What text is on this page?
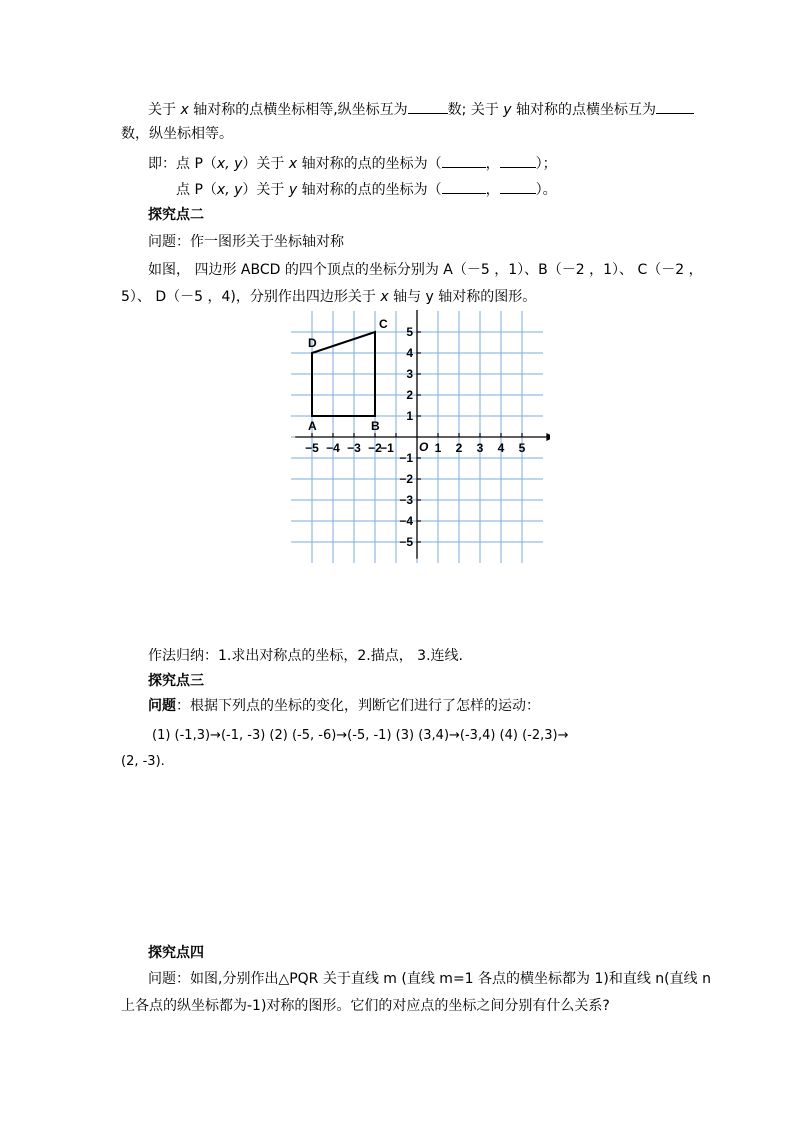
关于 x 轴对称的点横坐标相等,纵坐标互为	数; 关于 y 轴对称的点横坐标互为
数，纵坐标相等。
即：点 P（x, y）关于 x 轴对称的点的坐标为（	，	）；
点 P（x, y）关于 y 轴对称的点的坐标为（	，	）。
探究点二
问题：作一图形关于坐标轴对称
如图， 四边形 ABCD 的四个顶点的坐标分别为 A（－5 ，1）、B（－2 ，1）、 C（－2 ，
5）、 D（－5 ，4)，分别作出四边形关于 x 轴与 y 轴对称的图形。
O
−5 −4 −3 −2
−1	1 2 3 4 5
5
4
3
2
1
−1
−2
−3
−4
−5
A	B
C
D
作法归纳：1.求出对称点的坐标，2.描点， 3.连线.
探究点三
问题：根据下列点的坐标的变化，判断它们进行了怎样的运动：
(1) (-1,3)→(-1, -3) (2) (-5, -6)→(-5, -1) (3) (3,4)→(-3,4) (4) (-2,3)→
(2, -3).
探究点四
问题：如图,分别作出△PQR 关于直线 m (直线 m=1 各点的横坐标都为 1)和直线 n(直线 n
上各点的纵坐标都为-1)对称的图形。它们的对应点的坐标之间分别有什么关系?
